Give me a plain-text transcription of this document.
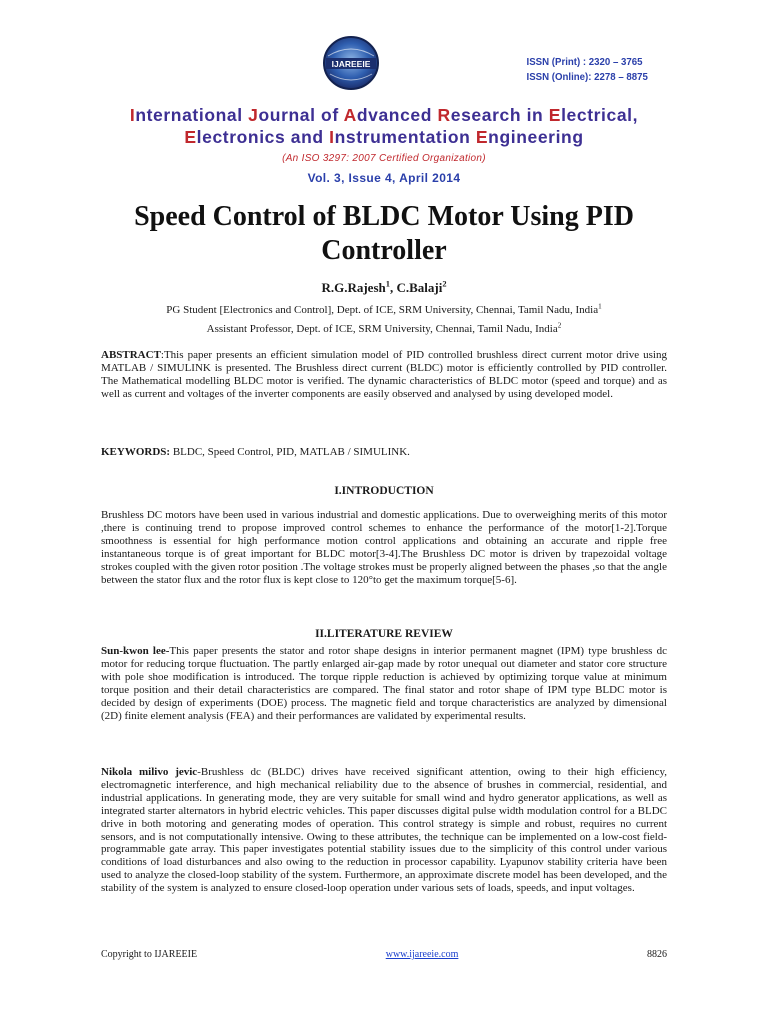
IJAREEIE	ISSN (Print) : 2320 – 3765
ISSN (Online): 2278 – 8875
International Journal of Advanced Research in Electrical,
Electronics and Instrumentation Engineering
(An ISO 3297: 2007 Certified Organization)
Vol. 3, Issue 4, April 2014
Speed Control of BLDC Motor Using PID
Controller
R.G.Rajesh$^1$, C.Balaji$^2$
PG Student [Electronics and Control], Dept. of ICE, SRM University, Chennai, Tamil Nadu, India$^1$
Assistant Professor, Dept. of ICE, SRM University, Chennai, Tamil Nadu, India$^2$

ABSTRACT:This paper presents an efficient simulation model of PID controlled brushless direct current motor drive using MATLAB / SIMULINK is presented. The Brushless direct current (BLDC) motor is efficiently controlled by PID controller. The Mathematical modelling BLDC motor is verified. The dynamic characteristics of BLDC motor (speed and torque) and as well as current and voltages of the inverter components are easily observed and analysed by using developed model.

KEYWORDS: BLDC, Speed Control, PID, MATLAB / SIMULINK.

I.INTRODUCTION

Brushless DC motors have been used in various industrial and domestic applications. Due to overweighing merits of this motor ,there is continuing trend to propose improved control schemes to enhance the performance of the motor[1-2].Torque smoothness is essential for high performance motion control applications and obtaining an accurate and ripple free instantaneous torque is of great important for BLDC motor[3-4].The Brushless DC motor is driven by trapezoidal voltage strokes coupled with the given rotor position .The voltage strokes must be properly aligned between the phases ,so that the angle between the stator flux and the rotor flux is kept close to 120°to get the maximum torque[5-6].

II.LITERATURE REVIEW

Sun-kwon lee-This paper presents the stator and rotor shape designs in interior permanent magnet (IPM) type brushless dc motor for reducing torque fluctuation. The partly enlarged air-gap made by rotor unequal out diameter and stator core structure with pole shoe modification is introduced. The torque ripple reduction is achieved by optimizing torque value at minimum torque position and their detail characteristics are compared. The final stator and rotor shape of IPM type BLDC motor is decided by design of experiments (DOE) process. The magnetic field and torque characteristics are analyzed by dimensional (2D) finite element analysis (FEA) and their performances are validated by experimental results.

Nikola milivo jevic-Brushless dc (BLDC) drives have received significant attention, owing to their high efficiency, electromagnetic interference, and high mechanical reliability due to the absence of brushes in commercial, residential, and industrial applications. In generating mode, they are very suitable for small wind and hydro generator applications, as well as integrated starter alternators in hybrid electric vehicles. This paper discusses digital pulse width modulation control for a BLDC drive in both motoring and generating modes of operation. This control strategy is simple and robust, requires no current sensors, and is not computationally intensive. Owing to these attributes, the technique can be implemented on a low-cost field-programmable gate array. This paper investigates potential stability issues due to the simplicity of this control under various conditions of load disturbances and also owing to the reduction in processor capability. Lyapunov stability criteria have been used to analyze the closed-loop stability of the system. Furthermore, an approximate discrete model has been developed, and the stability of the system is analyzed to ensure closed-loop operation under various sets of loads, speeds, and input voltages.

Copyright to IJAREEIE	www.ijareeie.com	8826
